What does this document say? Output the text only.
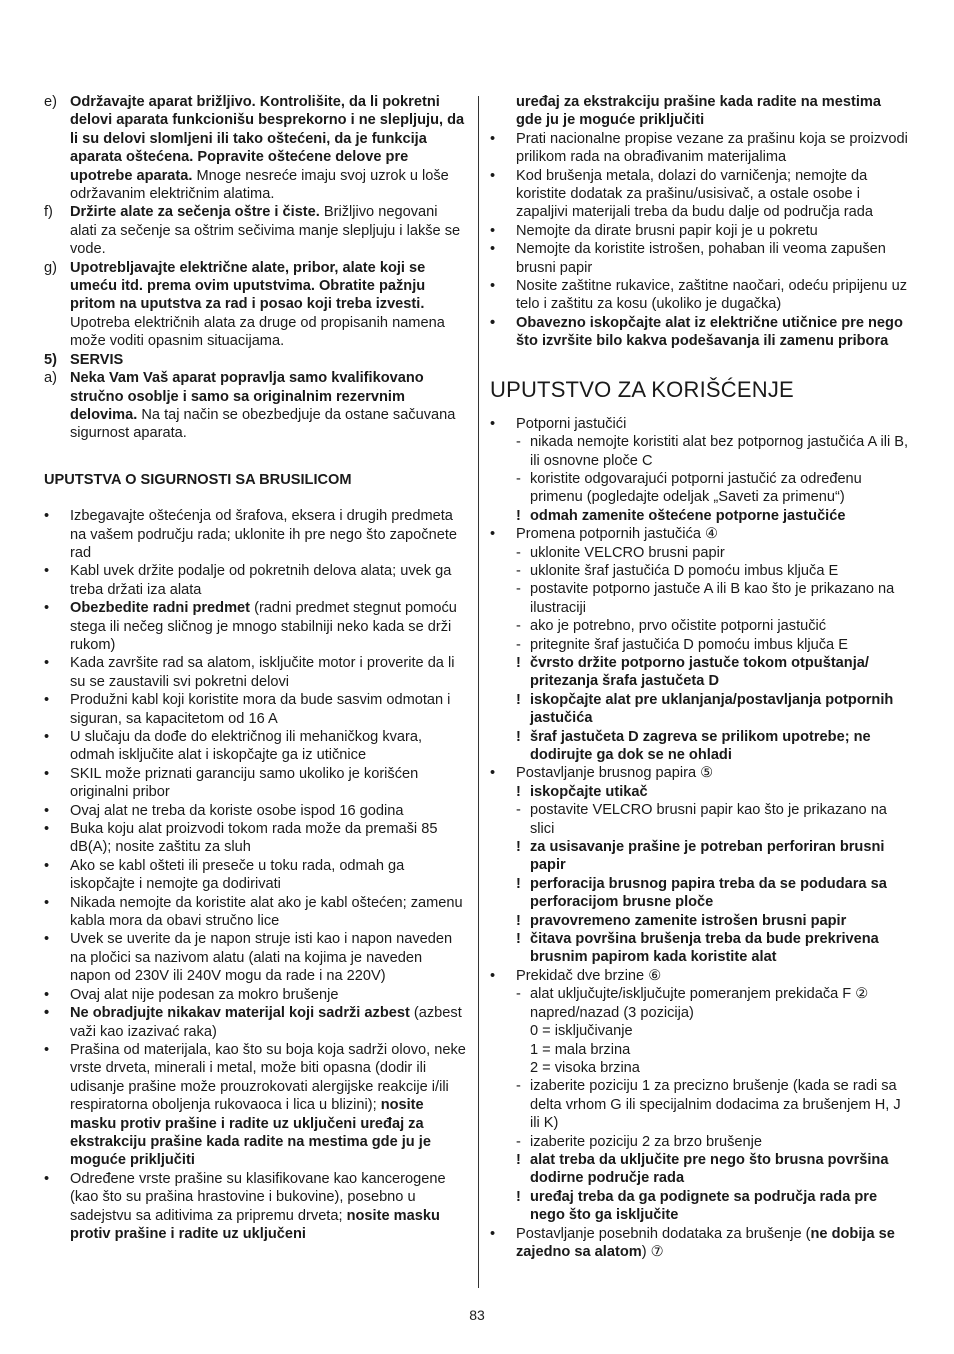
e) Održavajte aparat brižljivo. Kontrolišite, da li pokretni delovi aparata funkcionišu besprekorno i ne slepljuju, da li su delovi slomljeni ili tako oštećeni, da je funkcija aparata oštećena. Popravite oštećene delove pre upotrebe aparata. Mnoge nesreće imaju svoj uzrok u loše održavanim električnim alatima.
f)	Držirte alate za sečenja oštre i čiste. Brižljivo negovani alati za sečenje sa oštrim sečivima manje slepljuju i lakše se vode.
g) Upotrebljavajte električne alate, pribor, alate koji se umeću itd. prema ovim uputstvima. Obratite pažnju pritom na uputstva za rad i posao koji treba izvesti. Upotreba električnih alata za druge od propisanih namena može voditi opasnim situacijama.
5) SERVIS
a) Neka Vam Vaš aparat popravlja samo kvalifikovano stručno osoblje i samo sa originalnim rezervnim delovima. Na taj način se obezbedjuje da ostane sačuvana sigurnost aparata.
UPUTSTVA O SIGURNOSTI SA BRUSILICOM
•	Izbegavajte oštećenja od šrafova, eksera i drugih predmeta na vašem području rada; uklonite ih pre nego što započnete rad
•	Kabl uvek držite podalje od pokretnih delova alata; uvek ga treba držati iza alata
•	Obezbedite radni predmet (radni predmet stegnut pomoću stega ili nečeg sličnog je mnogo stabilniji neko kada se drži rukom)
•	Kada završite rad sa alatom, isključite motor i proverite da li su se zaustavili svi pokretni delovi
•	Produžni kabl koji koristite mora da bude sasvim odmotan i siguran, sa kapacitetom od 16 A
•	U slučaju da dođe do električnog ili mehaničkog kvara, odmah isključite alat i iskopčajte ga iz utičnice
•	SKIL može priznati garanciju samo ukoliko je korišćen originalni pribor
•	Ovaj alat ne treba da koriste osobe ispod 16 godina
•	Buka koju alat proizvodi tokom rada može da premaši 85 dB(A); nosite zaštitu za sluh
•	Ako se kabl ošteti ili preseče u toku rada, odmah ga iskopčajte i nemojte ga dodirivati
•	Nikada nemojte da koristite alat ako je kabl oštećen; zamenu kabla mora da obavi stručno lice
•	Uvek se uverite da je napon struje isti kao i napon naveden na pločici sa nazivom alatu (alati na kojima je naveden napon od 230V ili 240V mogu da rade i na 220V)
•	Ovaj alat nije podesan za mokro brušenje
•	Ne obradjujte nikakav materijal koji sadrži azbest (azbest važi kao izazivać raka)
•	Prašina od materijala, kao što su boja koja sadrži olovo, neke vrste drveta, minerali i metal, može biti opasna (dodir ili udisanje prašine može prouzrokovati alergijske reakcije i/ili respiratorna oboljenja rukovaoca i lica u blizini); nosite masku protiv prašine i radite uz uključeni uređaj za ekstrakciju prašine kada radite na mestima gde ju je moguće priključiti
•	Određene vrste prašine su klasifikovane kao kancerogene (kao što su prašina hrastovine i bukovine), posebno u sadejstvu sa aditivima za pripremu drveta; nosite masku protiv prašine i radite uz uključeni
uređaj za ekstrakciju prašine kada radite na mestima gde ju je moguće priključiti
•	Prati nacionalne propise vezane za prašinu koja se proizvodi prilikom rada na obrađivanim materijalima
•	Kod brušenja metala, dolazi do varničenja; nemojte da koristite dodatak za prašinu/usisivač, a ostale osobe i zapaljivi materijali treba da budu dalje od područja rada
•	Nemojte da dirate brusni papir koji je u pokretu
•	Nemojte da koristite istrošen, pohaban ili veoma zapušen brusni papir
•	Nosite zaštitne rukavice, zaštitne naočari, odeću pripijenu uz telo i zaštitu za kosu (ukoliko je dugačka)
•	Obavezno iskopčajte alat iz električne utičnice pre nego što izvršite bilo kakva podešavanja ili zamenu pribora
UPUTSTVO ZA KORIŠĆENJE
•	Potporni jastučići
- nikada nemojte koristiti alat bez potpornog jastučića A ili B, ili osnovne ploče C
- koristite odgovarajući potporni jastučić za određenu primenu (pogledajte odeljak „Saveti za primenu“)
! odmah zamenite oštećene potporne jastučiće
•	Promena potpornih jastučića ④
- uklonite VELCRO brusni papir
- uklonite šraf jastučića D pomoću imbus ključa E
- postavite potporno jastuče A ili B kao što je prikazano na ilustraciji
- ako je potrebno, prvo očistite potporni jastučić
- pritegnite šraf jastučića D pomoću imbus ključa E
! čvrsto držite potporno jastuče tokom otpuštanja/ pritezanja šrafa jastučeta D
! iskopčajte alat pre uklanjanja/postavljanja potpornih jastučića
! šraf jastučeta D zagreva se prilikom upotrebe; ne dodirujte ga dok se ne ohladi
•	Postavljanje brusnog papira ⑤
! iskopčajte utikač
- postavite VELCRO brusni papir kao što je prikazano na slici
! za usisavanje prašine je potreban perforiran brusni papir
! perforacija brusnog papira treba da se podudara sa perforacijom brusne ploče
! pravovremeno zamenite istrošen brusni papir
! čitava površina brušenja treba da bude prekrivena brusnim papirom kada koristite alat
•	Prekidač dve brzine ⑥
- alat uključujte/isključujte pomeranjem prekidača F ② napred/nazad (3 pozicija)
0 = isključivanje
1 = mala brzina
2 = visoka brzina
- izaberite poziciju 1 za precizno brušenje (kada se radi sa delta vrhom G ili specijalnim dodacima za brušenjem H, J ili K)
- izaberite poziciju 2 za brzo brušenje
! alat treba da uključite pre nego što brusna površina dodirne područje rada
! uređaj treba da ga podignete sa područja rada pre nego što ga isključite
•	Postavljanje posebnih dodataka za brušenje (ne dobija se zajedno sa alatom) ⑦
83
